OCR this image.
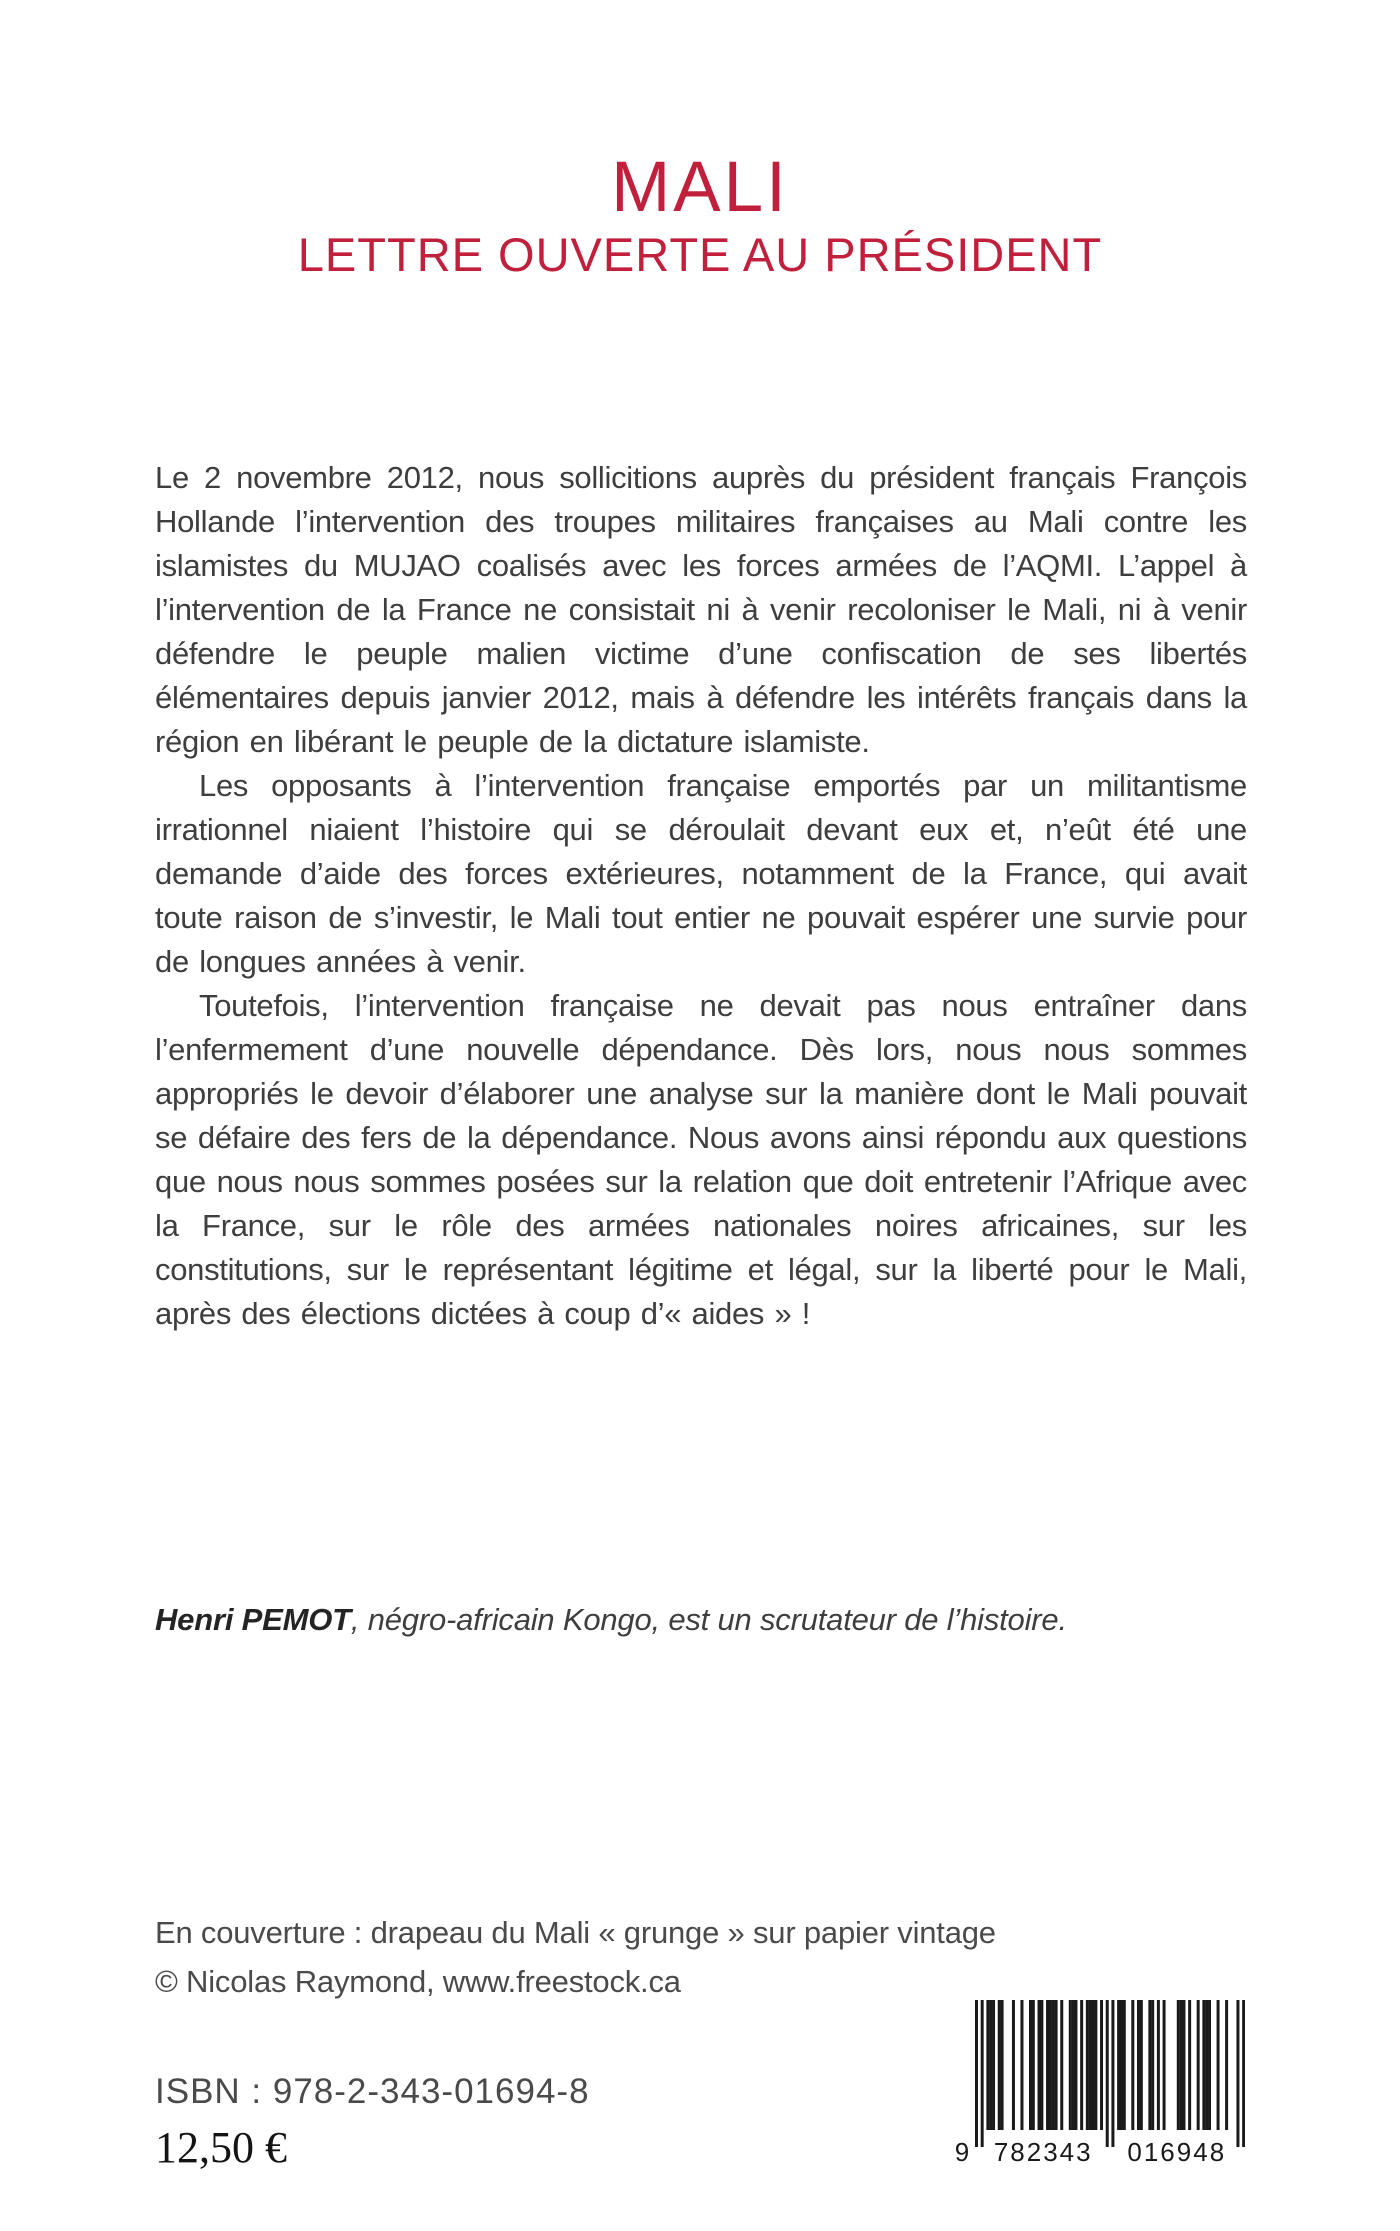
MALI
LETTRE OUVERTE AU PRÉSIDENT

Le 2 novembre 2012, nous sollicitions auprès du président français François Hollande l’intervention des troupes militaires françaises au Mali contre les islamistes du MUJAO coalisés avec les forces armées de l’AQMI. L’appel à l’intervention de la France ne consistait ni à venir recoloniser le Mali, ni à venir défendre le peuple malien victime d’une confiscation de ses libertés élémentaires depuis janvier 2012, mais à défendre les intérêts français dans la région en libérant le peuple de la dictature islamiste.

Les opposants à l’intervention française emportés par un militantisme irrationnel niaient l’histoire qui se déroulait devant eux et, n’eût été une demande d’aide des forces extérieures, notamment de la France, qui avait toute raison de s’investir, le Mali tout entier ne pouvait espérer une survie pour de longues années à venir.

Toutefois, l’intervention française ne devait pas nous entraîner dans l’enfermement d’une nouvelle dépendance. Dès lors, nous nous sommes appropriés le devoir d’élaborer une analyse sur la manière dont le Mali pouvait se défaire des fers de la dépendance. Nous avons ainsi répondu aux questions que nous nous sommes posées sur la relation que doit entretenir l’Afrique avec la France, sur le rôle des armées nationales noires africaines, sur les constitutions, sur le représentant légitime et légal, sur la liberté pour le Mali, après des élections dictées à coup d’« aides » !

Henri PEMOT, négro-africain Kongo, est un scrutateur de l’histoire.

En couverture : drapeau du Mali « grunge » sur papier vintage
© Nicolas Raymond, www.freestock.ca
ISBN : 978-2-343-01694-8
12,50 €	9 782343 016948
